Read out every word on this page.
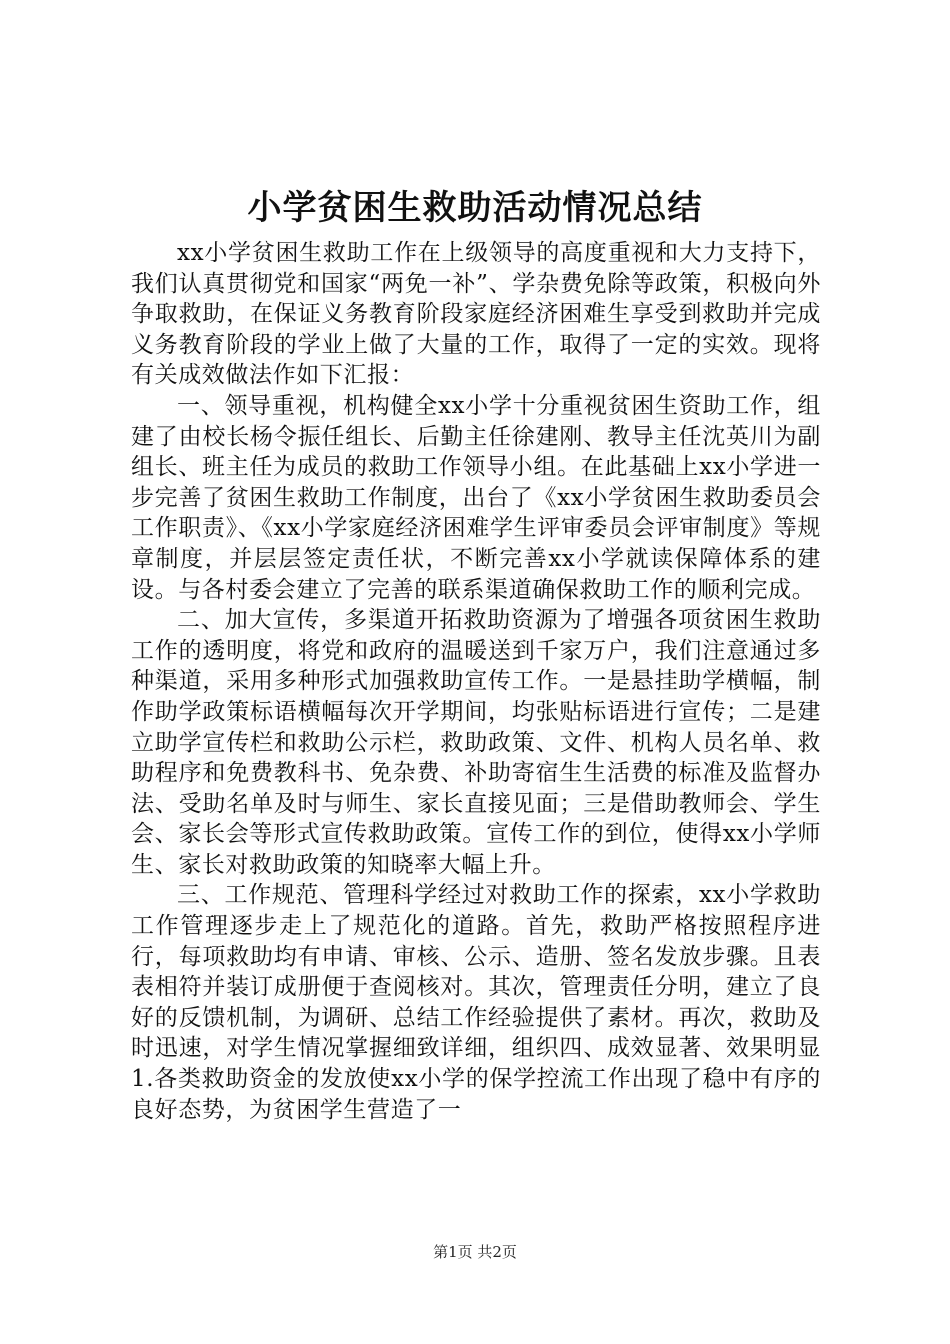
小学贫困生救助活动情况总结

xx小学贫困生救助工作在上级领导的高度重视和大力支持下，我们认真贯彻党和国家“两免一补”、学杂费免除等政策，积极向外争取救助，在保证义务教育阶段家庭经济困难生享受到救助并完成义务教育阶段的学业上做了大量的工作，取得了一定的实效。现将有关成效做法作如下汇报：

一、领导重视，机构健全xx小学十分重视贫困生资助工作，组建了由校长杨令振任组长、后勤主任徐建刚、教导主任沈英川为副组长、班主任为成员的救助工作领导小组。在此基础上xx小学进一步完善了贫困生救助工作制度，出台了《xx小学贫困生救助委员会工作职责》、《xx小学家庭经济困难学生评审委员会评审制度》等规章制度，并层层签定责任状，不断完善xx小学就读保障体系的建设。与各村委会建立了完善的联系渠道确保救助工作的顺利完成。

二、加大宣传，多渠道开拓救助资源为了增强各项贫困生救助工作的透明度，将党和政府的温暖送到千家万户，我们注意通过多种渠道，采用多种形式加强救助宣传工作。一是悬挂助学横幅，制作助学政策标语横幅每次开学期间，均张贴标语进行宣传；二是建立助学宣传栏和救助公示栏，救助政策、文件、机构人员名单、救助程序和免费教科书、免杂费、补助寄宿生生活费的标准及监督办法、受助名单及时与师生、家长直接见面；三是借助教师会、学生会、家长会等形式宣传救助政策。宣传工作的到位，使得xx小学师生、家长对救助政策的知晓率大幅上升。

三、工作规范、管理科学经过对救助工作的探索，xx小学救助工作管理逐步走上了规范化的道路。首先，救助严格按照程序进行，每项救助均有申请、审核、公示、造册、签名发放步骤。且表表相符并装订成册便于查阅核对。其次，管理责任分明，建立了良好的反馈机制，为调研、总结工作经验提供了素材。再次，救助及时迅速，对学生情况掌握细致详细，组织四、成效显著、效果明显1.各类救助资金的发放使xx小学的保学控流工作出现了稳中有序的良好态势，为贫困学生营造了一

第1页 共2页
